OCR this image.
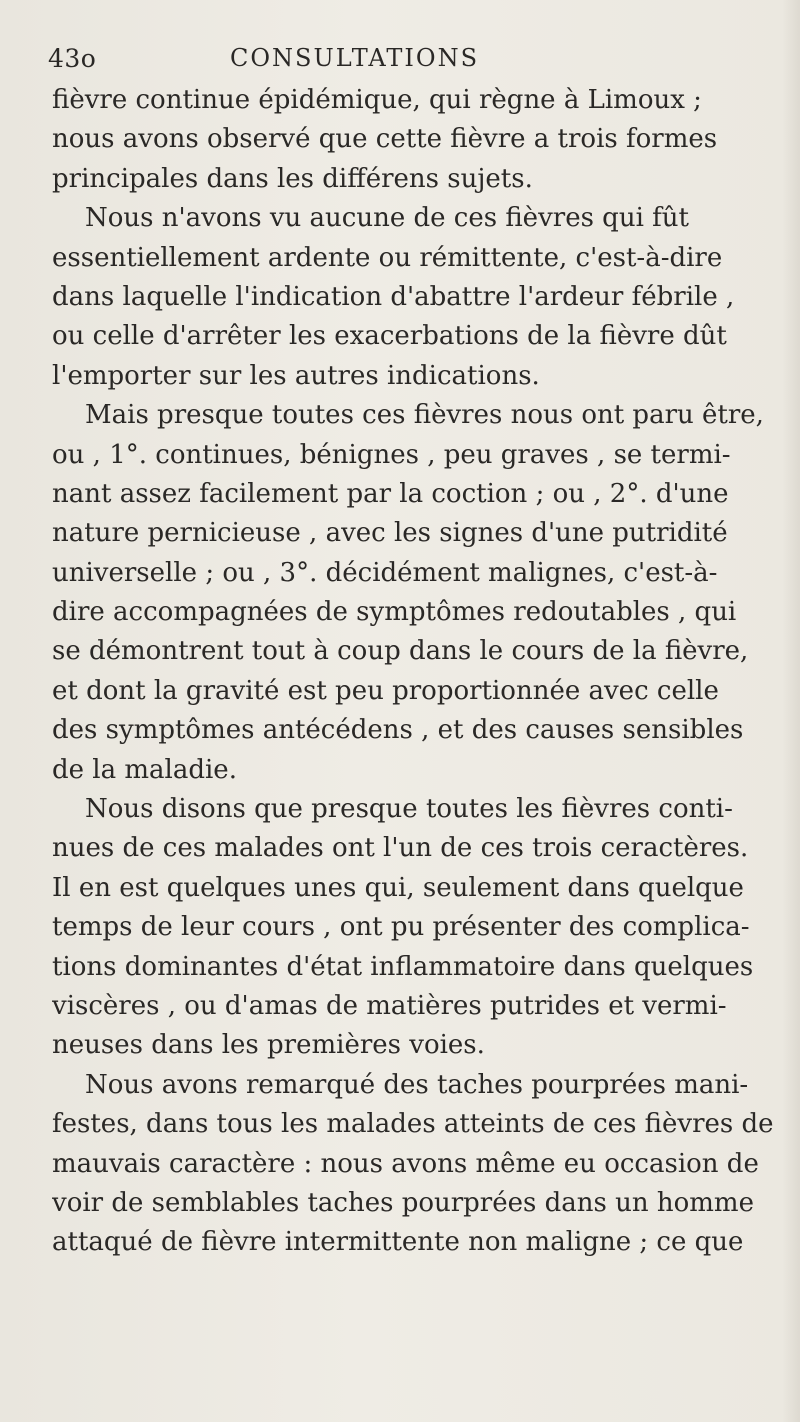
43o	CONSULTATIONS
fièvre continue épidémique, qui règne à Limoux ;
nous avons observé que cette fièvre a trois formes
principales dans les différens sujets.
Nous n'avons vu aucune de ces fièvres qui fût
essentiellement ardente ou rémittente, c'est-à-dire
dans laquelle l'indication d'abattre l'ardeur fébrile ,
ou celle d'arrêter les exacerbations de la fièvre dût
l'emporter sur les autres indications.
Mais presque toutes ces fièvres nous ont paru être,
ou , 1°. continues, bénignes , peu graves , se termi-
nant assez facilement par la coction ; ou , 2°. d'une
nature pernicieuse , avec les signes d'une putridité
universelle ; ou , 3°. décidément malignes, c'est-à-
dire accompagnées de symptômes redoutables , qui
se démontrent tout à coup dans le cours de la fièvre,
et dont la gravité est peu proportionnée avec celle
des symptômes antécédens , et des causes sensibles
de la maladie.
Nous disons que presque toutes les fièvres conti-
nues de ces malades ont l'un de ces trois ceractères.
Il en est quelques unes qui, seulement dans quelque
temps de leur cours , ont pu présenter des complica-
tions dominantes d'état inflammatoire dans quelques
viscères , ou d'amas de matières putrides et vermi-
neuses dans les premières voies.
Nous avons remarqué des taches pourprées mani-
festes, dans tous les malades atteints de ces fièvres de
mauvais caractère : nous avons même eu occasion de
voir de semblables taches pourprées dans un homme
attaqué de fièvre intermittente non maligne ; ce que
